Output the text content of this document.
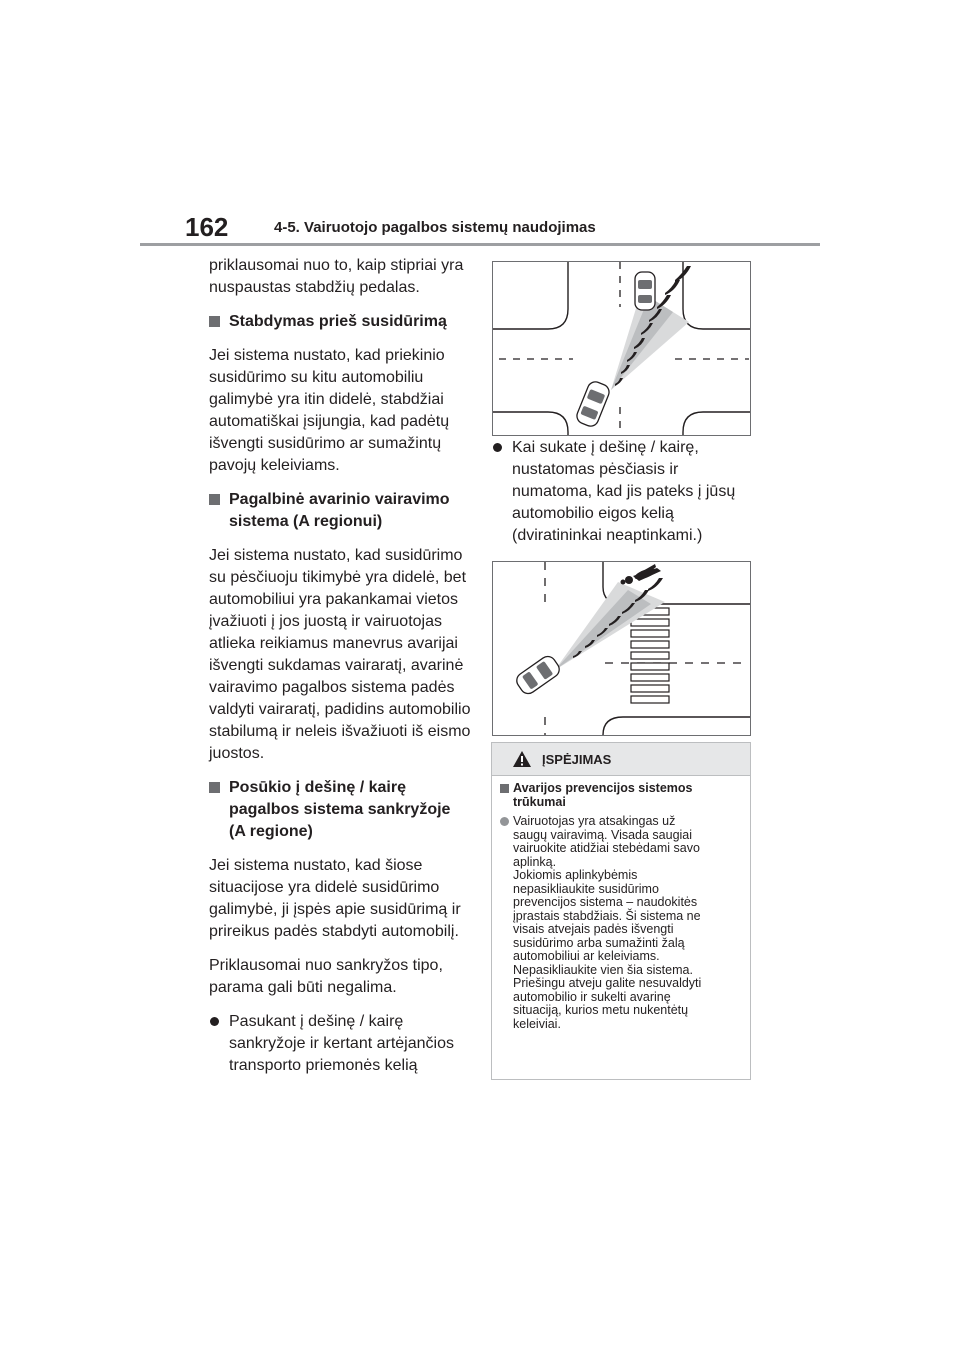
162	4-5. Vairuotojo pagalbos sistemų naudojimas

priklausomai nuo to, kaip stipriai yra nuspaustas stabdžių pedalas.

Stabdymas prieš susidūrimą

Jei sistema nustato, kad priekinio susidūrimo su kitu automobiliu galimybė yra itin didelė, stabdžiai automatiškai įsijungia, kad padėtų išvengti susidūrimo ar sumažintų pavojų keleiviams.

Pagalbinė avarinio vairavimo sistema (A regionui)

Jei sistema nustato, kad susidūrimo su pėsčiuoju tikimybė yra didelė, bet automobiliui yra pakankamai vietos įvažiuoti į jos juostą ir vairuotojas atlieka reikiamus manevrus avarijai išvengti sukdamas vairaratį, avarinė vairavimo pagalbos sistema padės valdyti vairaratį, padidins automobilio stabilumą ir neleis išvažiuoti iš eismo juostos.

Posūkio į dešinę / kairę pagalbos sistema sankryžoje (A regione)

Jei sistema nustato, kad šiose situacijose yra didelė susidūrimo galimybė, ji įspės apie susidūrimą ir prireikus padės stabdyti automobilį.

Priklausomai nuo sankryžos tipo, parama gali būti negalima.

Pasukant į dešinę / kairę sankryžoje ir kertant artėjančios transporto priemonės kelią
Kai sukate į dešinę / kairę, nustatomas pėsčiasis ir numatoma, kad jis pateks į jūsų automobilio eigos kelią (dviratininkai neaptinkami.)
ĮSPĖJIMAS
Avarijos prevencijos sistemos trūkumai
Vairuotojas yra atsakingas už
saugų vairavimą. Visada saugiai
vairuokite atidžiai stebėdami savo
aplinką.
Jokiomis aplinkybėmis
nepasikliaukite susidūrimo
prevencijos sistema – naudokitės
įprastais stabdžiais. Ši sistema ne
visais atvejais padės išvengti
susidūrimo arba sumažinti žalą
automobiliui ar keleiviams.
Nepasikliaukite vien šia sistema.
Priešingu atveju galite nesuvaldyti
automobilio ir sukelti avarinę
situaciją, kurios metu nukentėtų
keleiviai.
